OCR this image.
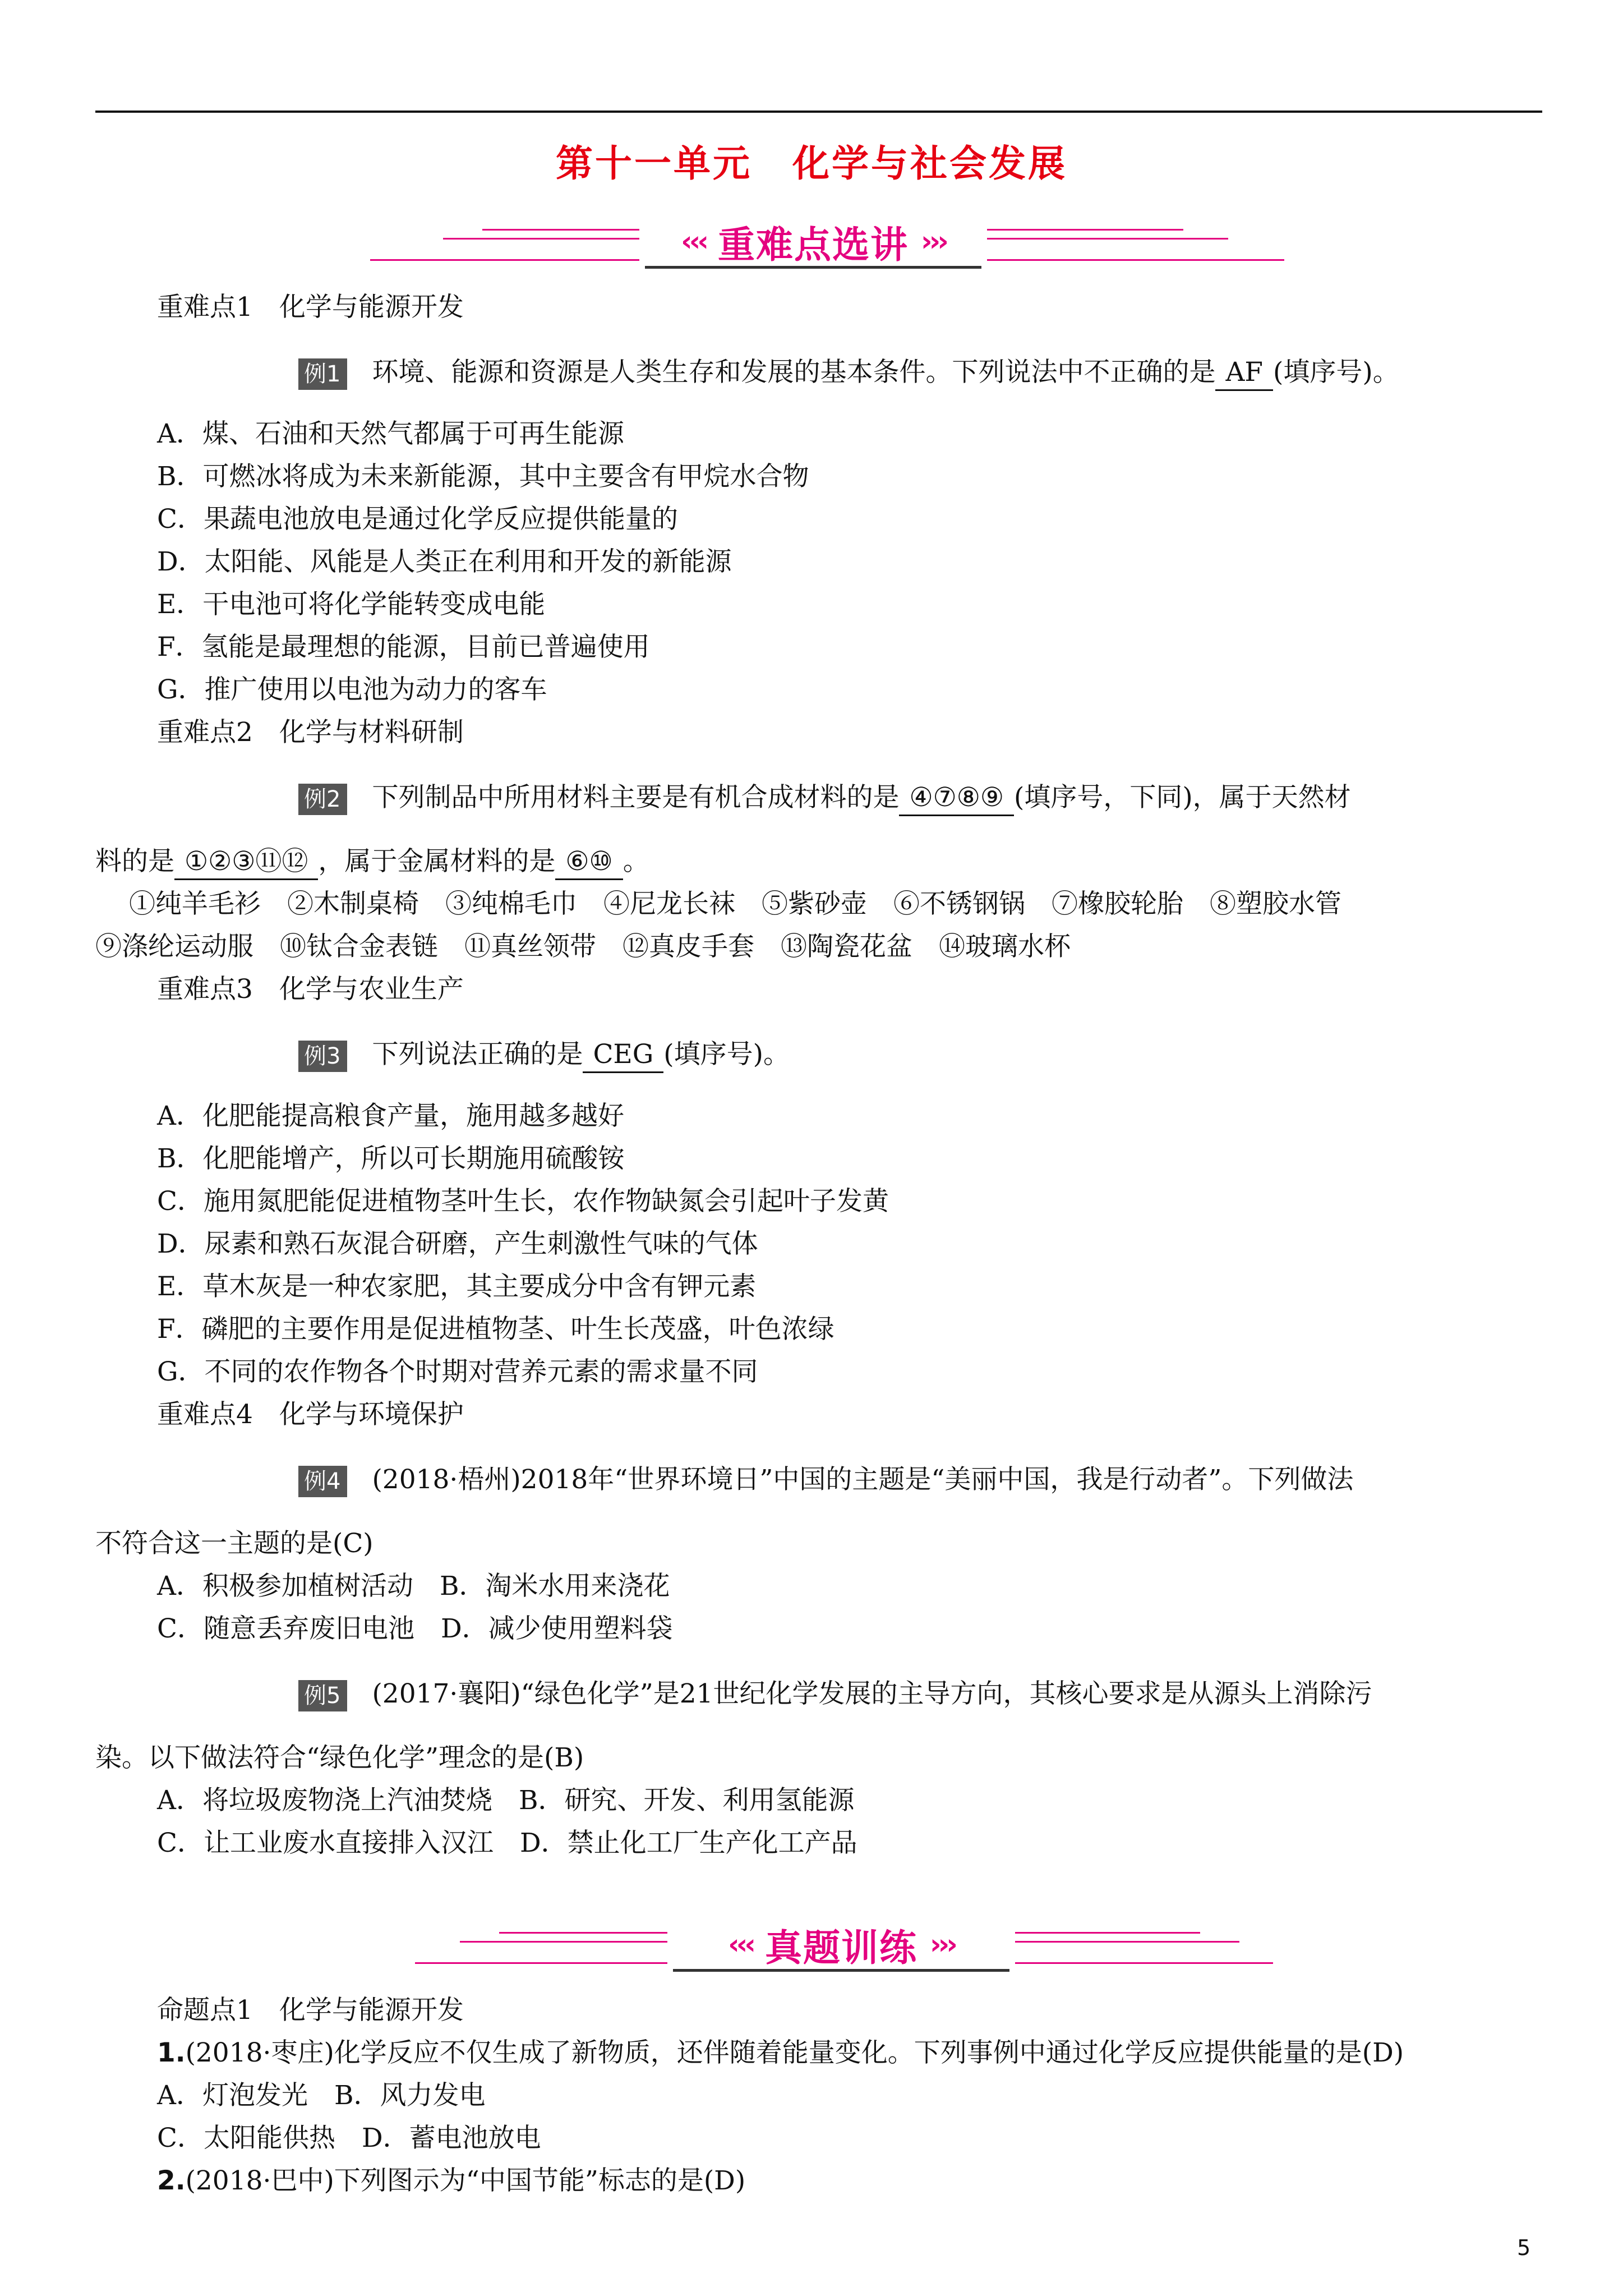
第十一单元 化学与社会发展
‹‹‹ 重难点选讲 ›››
重难点1　化学与能源开发
例1 环境、能源和资源是人类生存和发展的基本条件。下列说法中不正确的是 AF (填序号)。
A．煤、石油和天然气都属于可再生能源
B．可燃冰将成为未来新能源，其中主要含有甲烷水合物
C．果蔬电池放电是通过化学反应提供能量的
D．太阳能、风能是人类正在利用和开发的新能源
E．干电池可将化学能转变成电能
F．氢能是最理想的能源，目前已普遍使用
G．推广使用以电池为动力的客车
重难点2　化学与材料研制
例2 下列制品中所用材料主要是有机合成材料的是 ④⑦⑧⑨ (填序号，下同)，属于天然材
料的是 ①②③⑪⑫ ，属于金属材料的是 ⑥⑩ 。
①纯羊毛衫　②木制桌椅　③纯棉毛巾　④尼龙长袜　⑤紫砂壶　⑥不锈钢锅　⑦橡胶轮胎　⑧塑胶水管
⑨涤纶运动服　⑩钛合金表链　⑪真丝领带　⑫真皮手套　⑬陶瓷花盆　⑭玻璃水杯
重难点3　化学与农业生产
例3 下列说法正确的是 CEG (填序号)。
A．化肥能提高粮食产量，施用越多越好
B．化肥能增产，所以可长期施用硫酸铵
C．施用氮肥能促进植物茎叶生长，农作物缺氮会引起叶子发黄
D．尿素和熟石灰混合研磨，产生刺激性气味的气体
E．草木灰是一种农家肥，其主要成分中含有钾元素
F．磷肥的主要作用是促进植物茎、叶生长茂盛，叶色浓绿
G．不同的农作物各个时期对营养元素的需求量不同
重难点4　化学与环境保护
例4 (2018·梧州)2018年“世界环境日”中国的主题是“美丽中国，我是行动者”。下列做法
不符合这一主题的是(C)
A．积极参加植树活动　B．淘米水用来浇花
C．随意丢弃废旧电池　D．减少使用塑料袋
例5 (2017·襄阳)“绿色化学”是21世纪化学发展的主导方向，其核心要求是从源头上消除污
染。以下做法符合“绿色化学”理念的是(B)
A．将垃圾废物浇上汽油焚烧　B．研究、开发、利用氢能源
C．让工业废水直接排入汉江　D．禁止化工厂生产化工产品
‹‹‹ 真题训练 ›››
命题点1　化学与能源开发
1.(2018·枣庄)化学反应不仅生成了新物质，还伴随着能量变化。下列事例中通过化学反应提供能量的是(D)
A．灯泡发光　B．风力发电
C．太阳能供热　D．蓄电池放电
2.(2018·巴中)下列图示为“中国节能”标志的是(D)
5
